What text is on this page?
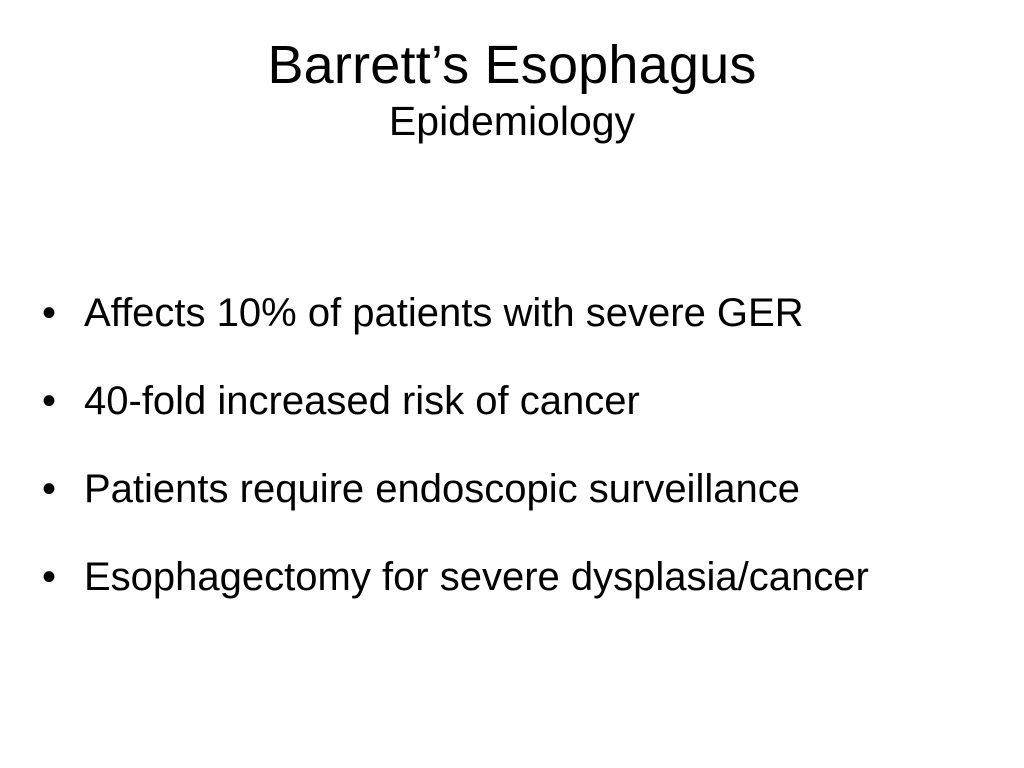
Barrett’s Esophagus
Epidemiology
• Affects 10% of patients with severe GER
• 40-fold increased risk of cancer
• Patients require endoscopic surveillance
• Esophagectomy for severe dysplasia/cancer
